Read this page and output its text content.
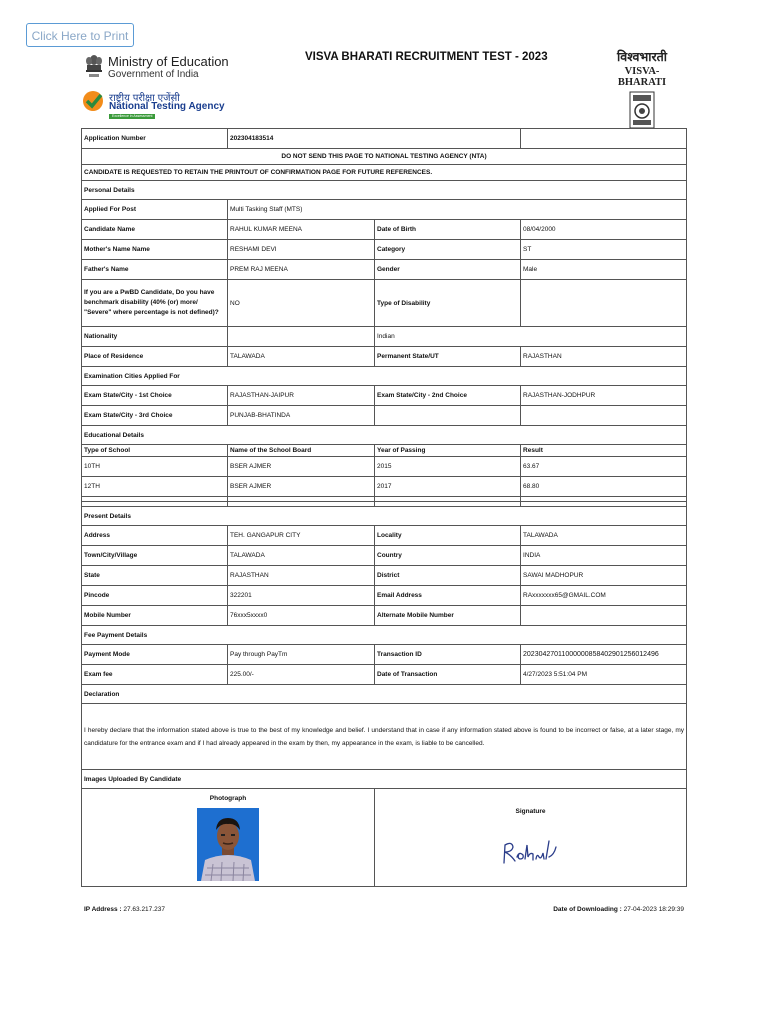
Click Here to Print
Ministry of Education
Government of India
राष्ट्रीय परीक्षा एजेंसी
National Testing Agency
Excellence in Assessment
VISVA BHARATI RECRUITMENT TEST - 2023	विश्वभारती
VISVA-BHARATI
Application Number	202304183514		
DO NOT SEND THIS PAGE TO NATIONAL TESTING AGENCY (NTA)			
CANDIDATE IS REQUESTED TO RETAIN THE PRINTOUT OF CONFIRMATION PAGE FOR FUTURE REFERENCES.			
Personal Details			
Applied For Post	Multi Tasking Staff (MTS)		
Candidate Name	RAHUL KUMAR MEENA	Date of Birth	08/04/2000
Mother's Name Name	RESHAMI DEVI	Category	ST
Father's Name	PREM RAJ MEENA	Gender	Male
If you are a PwBD Candidate, Do you have benchmark disability (40% (or) more/ "Severe" where percentage is not defined)?	NO	Type of Disability	
Nationality		Indian	
Place of Residence	TALAWADA	Permanent State/UT	RAJASTHAN
Examination Cities Applied For			
Exam State/City - 1st Choice	RAJASTHAN-JAIPUR	Exam State/City - 2nd Choice	RAJASTHAN-JODHPUR
Exam State/City - 3rd Choice	PUNJAB-BHATINDA		
Educational Details			
Type of School	Name of the School Board	Year of Passing	Result
10TH	BSER AJMER	2015	63.67
12TH	BSER AJMER	2017	68.80

Present Details			
Address	TEH. GANGAPUR CITY	Locality	TALAWADA
Town/City/Village	TALAWADA	Country	INDIA
State	RAJASTHAN	District	SAWAI MADHOPUR
Pincode	322201	Email Address	RAxxxxxxx65@GMAIL.COM
Mobile Number	76xxx5xxxx0	Alternate Mobile Number	
Fee Payment Details			
Payment Mode	Pay through PayTm	Transaction ID	20230427011000000858402901256012496
Exam fee	225.00/-	Date of Transaction	4/27/2023 5:51:04 PM
Declaration			
I hereby declare that the information stated above is true to the best of my knowledge and belief. I understand that in case if any information stated above is found to be incorrect or false, at a later stage, my candidature for the entrance exam and if I had already appeared in the exam by then, my appearance in the exam, is liable to be cancelled.			
Images Uploaded By Candidate			

Photograph		Signature	
IP Address : 27.63.217.237	Date of Downloading : 27-04-2023 18:29:39
